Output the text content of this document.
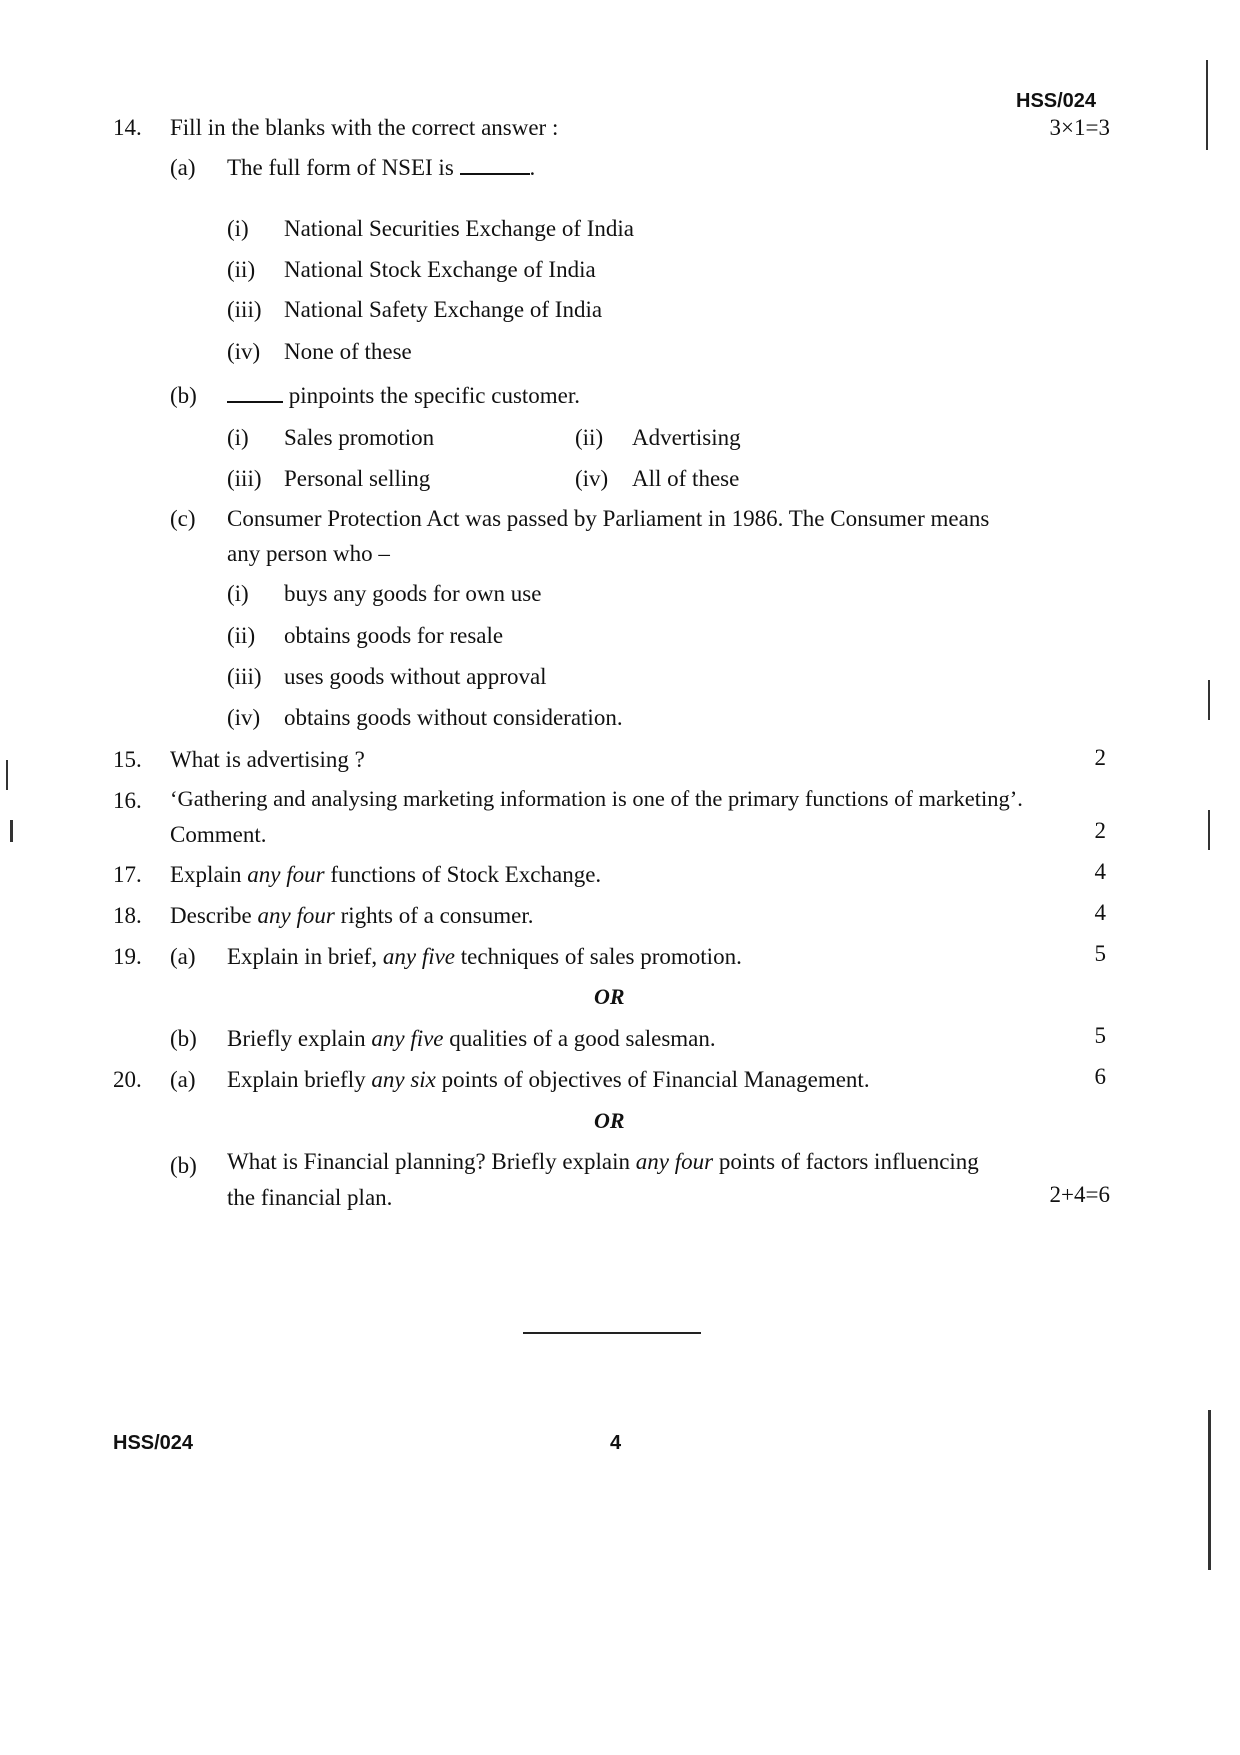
HSS/024
14. Fill in the blanks with the correct answer :	3×1=3
(a) The full form of NSEI is	.
(i) National Securities Exchange of India
(ii) National Stock Exchange of India
(iii) National Safety Exchange of India
(iv) None of these
(b)	pinpoints the specific customer.
(i) Sales promotion	(ii) Advertising
(iii) Personal selling	(iv) All of these
(c) Consumer Protection Act was passed by Parliament in 1986. The Consumer means
any person who –
(i) buys any goods for own use
(ii) obtains goods for resale
(iii) uses goods without approval
(iv) obtains goods without consideration.
15. What is advertising ?	2
16. ‘Gathering and analysing marketing information is one of the primary functions of marketing’.
Comment.	2
17. Explain any four functions of Stock Exchange.	4
18. Describe any four rights of a consumer.	4
19. (a) Explain in brief, any five techniques of sales promotion.	5
OR
(b) Briefly explain any five qualities of a good salesman.	5
20. (a) Explain briefly any six points of objectives of Financial Management.	6
OR
(b) What is Financial planning? Briefly explain any four points of factors influencing
the financial plan.	2+4=6
HSS/024	4
